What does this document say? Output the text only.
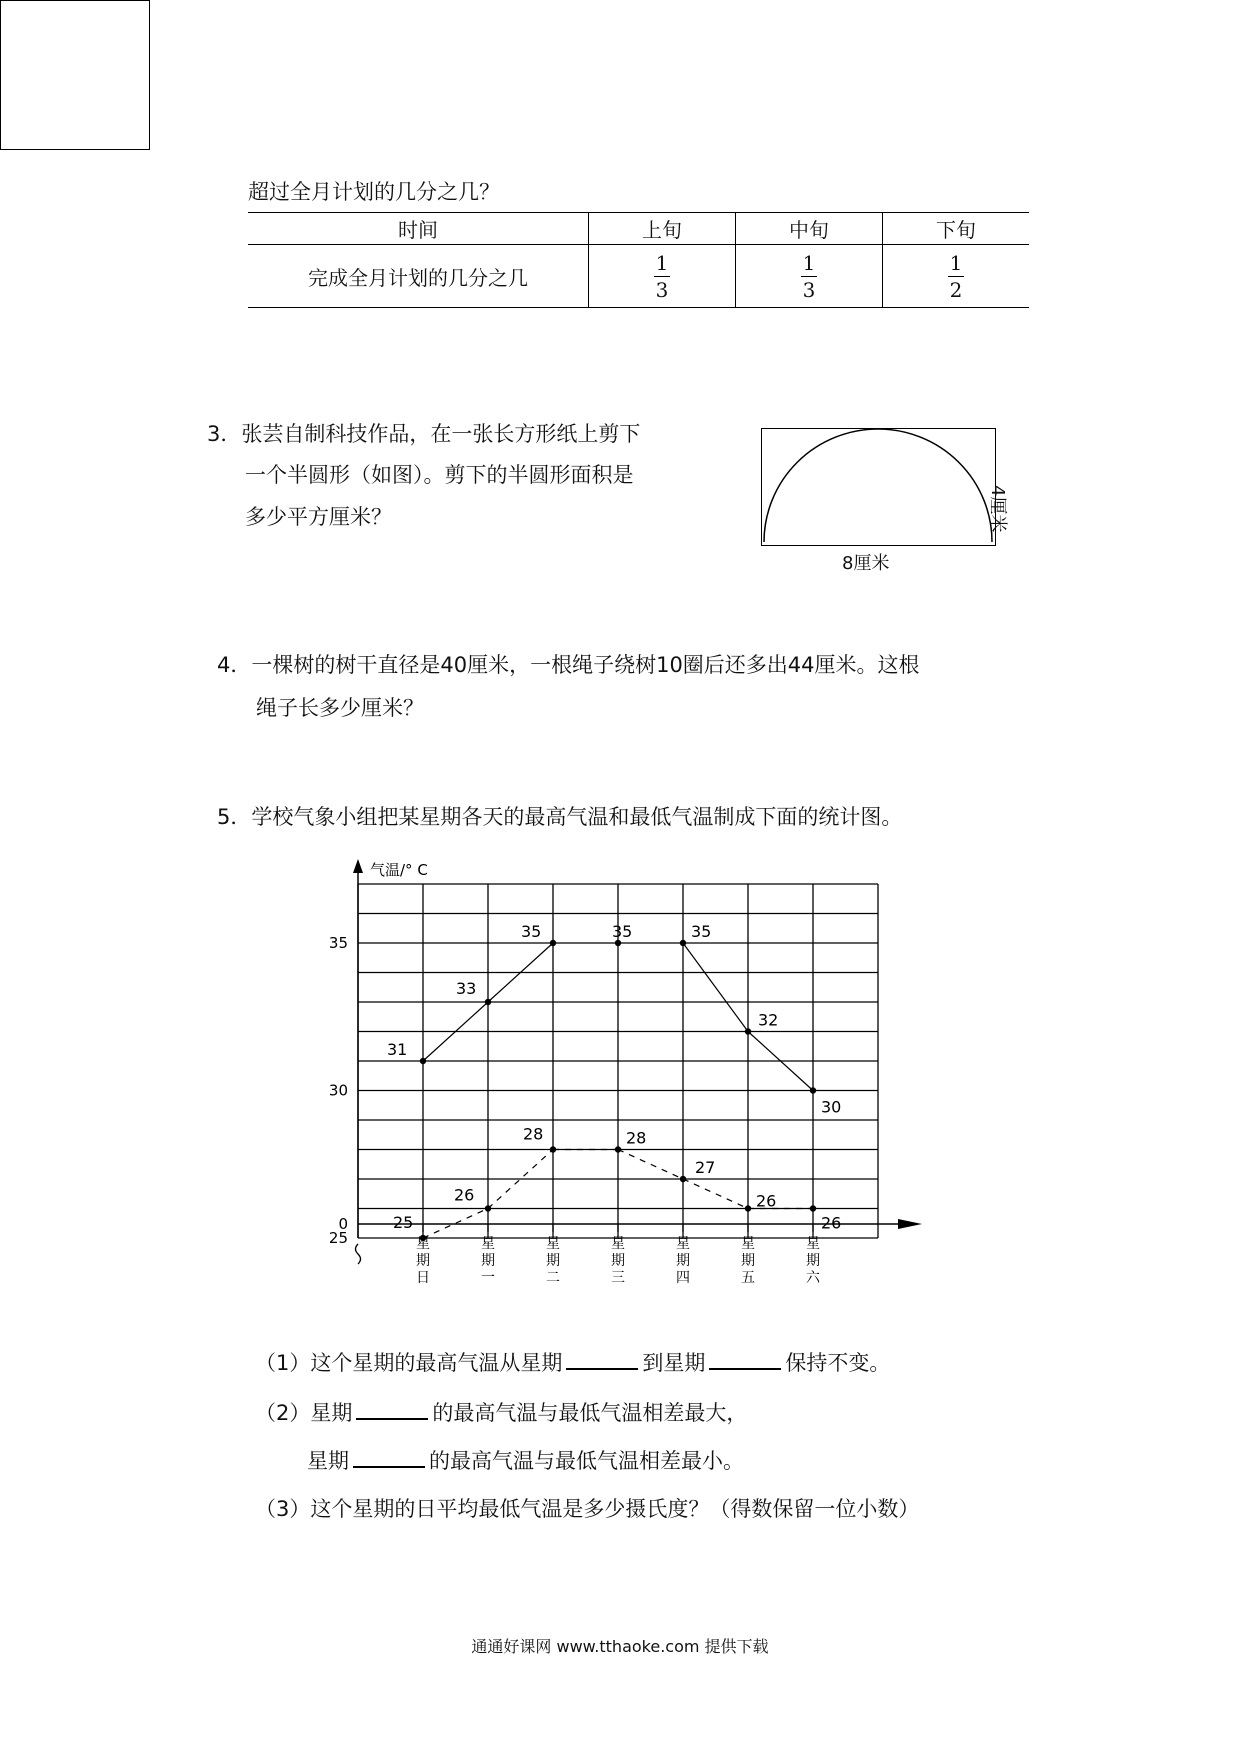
超过全月计划的几分之几？
时间	上旬	中旬	下旬
完成全月计划的几分之几	$\frac{1}{3}$	$\frac{1}{3}$	$\frac{1}{2}$
3．张芸自制科技作品，在一张长方形纸上剪下
一个半圆形（如图）。剪下的半圆形面积是
多少平方厘米？
8厘米
4厘米
4．一棵树的树干直径是40厘米，一根绳子绕树10圈后还多出44厘米。这根
绳子长多少厘米？
5．学校气象小组把某星期各天的最高气温和最低气温制成下面的统计图。
气温/° C
0
25
30
35
星期日
星期一
星期二
星期三
星期四
星期五
星期六
31
33
35	35	35
32
30
25
26
28	28
27
26
26
（1）这个星期的最高气温从星期	到星期	保持不变。
（2）星期	的最高气温与最低气温相差最大，
星期	的最高气温与最低气温相差最小。
（3）这个星期的日平均最低气温是多少摄氏度？（得数保留一位小数）
通通好课网 www.tthaoke.com 提供下载
